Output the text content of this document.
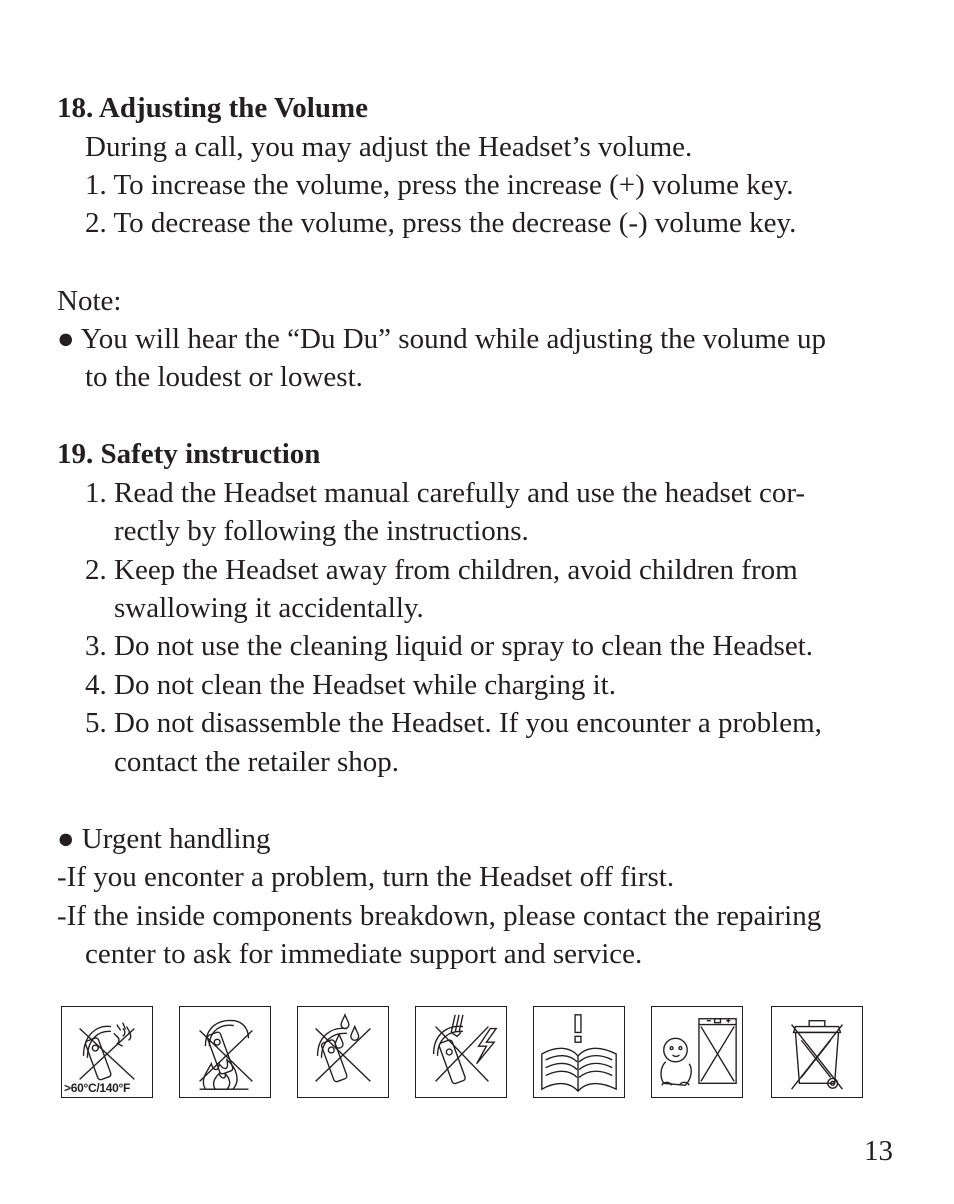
18. Adjusting the Volume
During a call, you may adjust the Headset’s volume.
1. To increase the volume, press the increase (+) volume key.
2. To decrease the volume, press the decrease (-) volume key.
Note:
● You will hear the “Du Du” sound while adjusting the volume up
to the loudest or lowest.
19. Safety instruction
1. Read the Headset manual carefully and use the headset cor-
rectly by following the instructions.
2. Keep the Headset away from children, avoid children from
swallowing it accidentally.
3. Do not use the cleaning liquid or spray to clean the Headset.
4. Do not clean the Headset while charging it.
5. Do not disassemble the Headset. If you encounter a problem,
contact the retailer shop.
● Urgent handling
-If you enconter a problem, turn the Headset off first.
-If the inside components breakdown, please contact the repairing
center to ask for immediate support and service.
>60°C/140°F
13
